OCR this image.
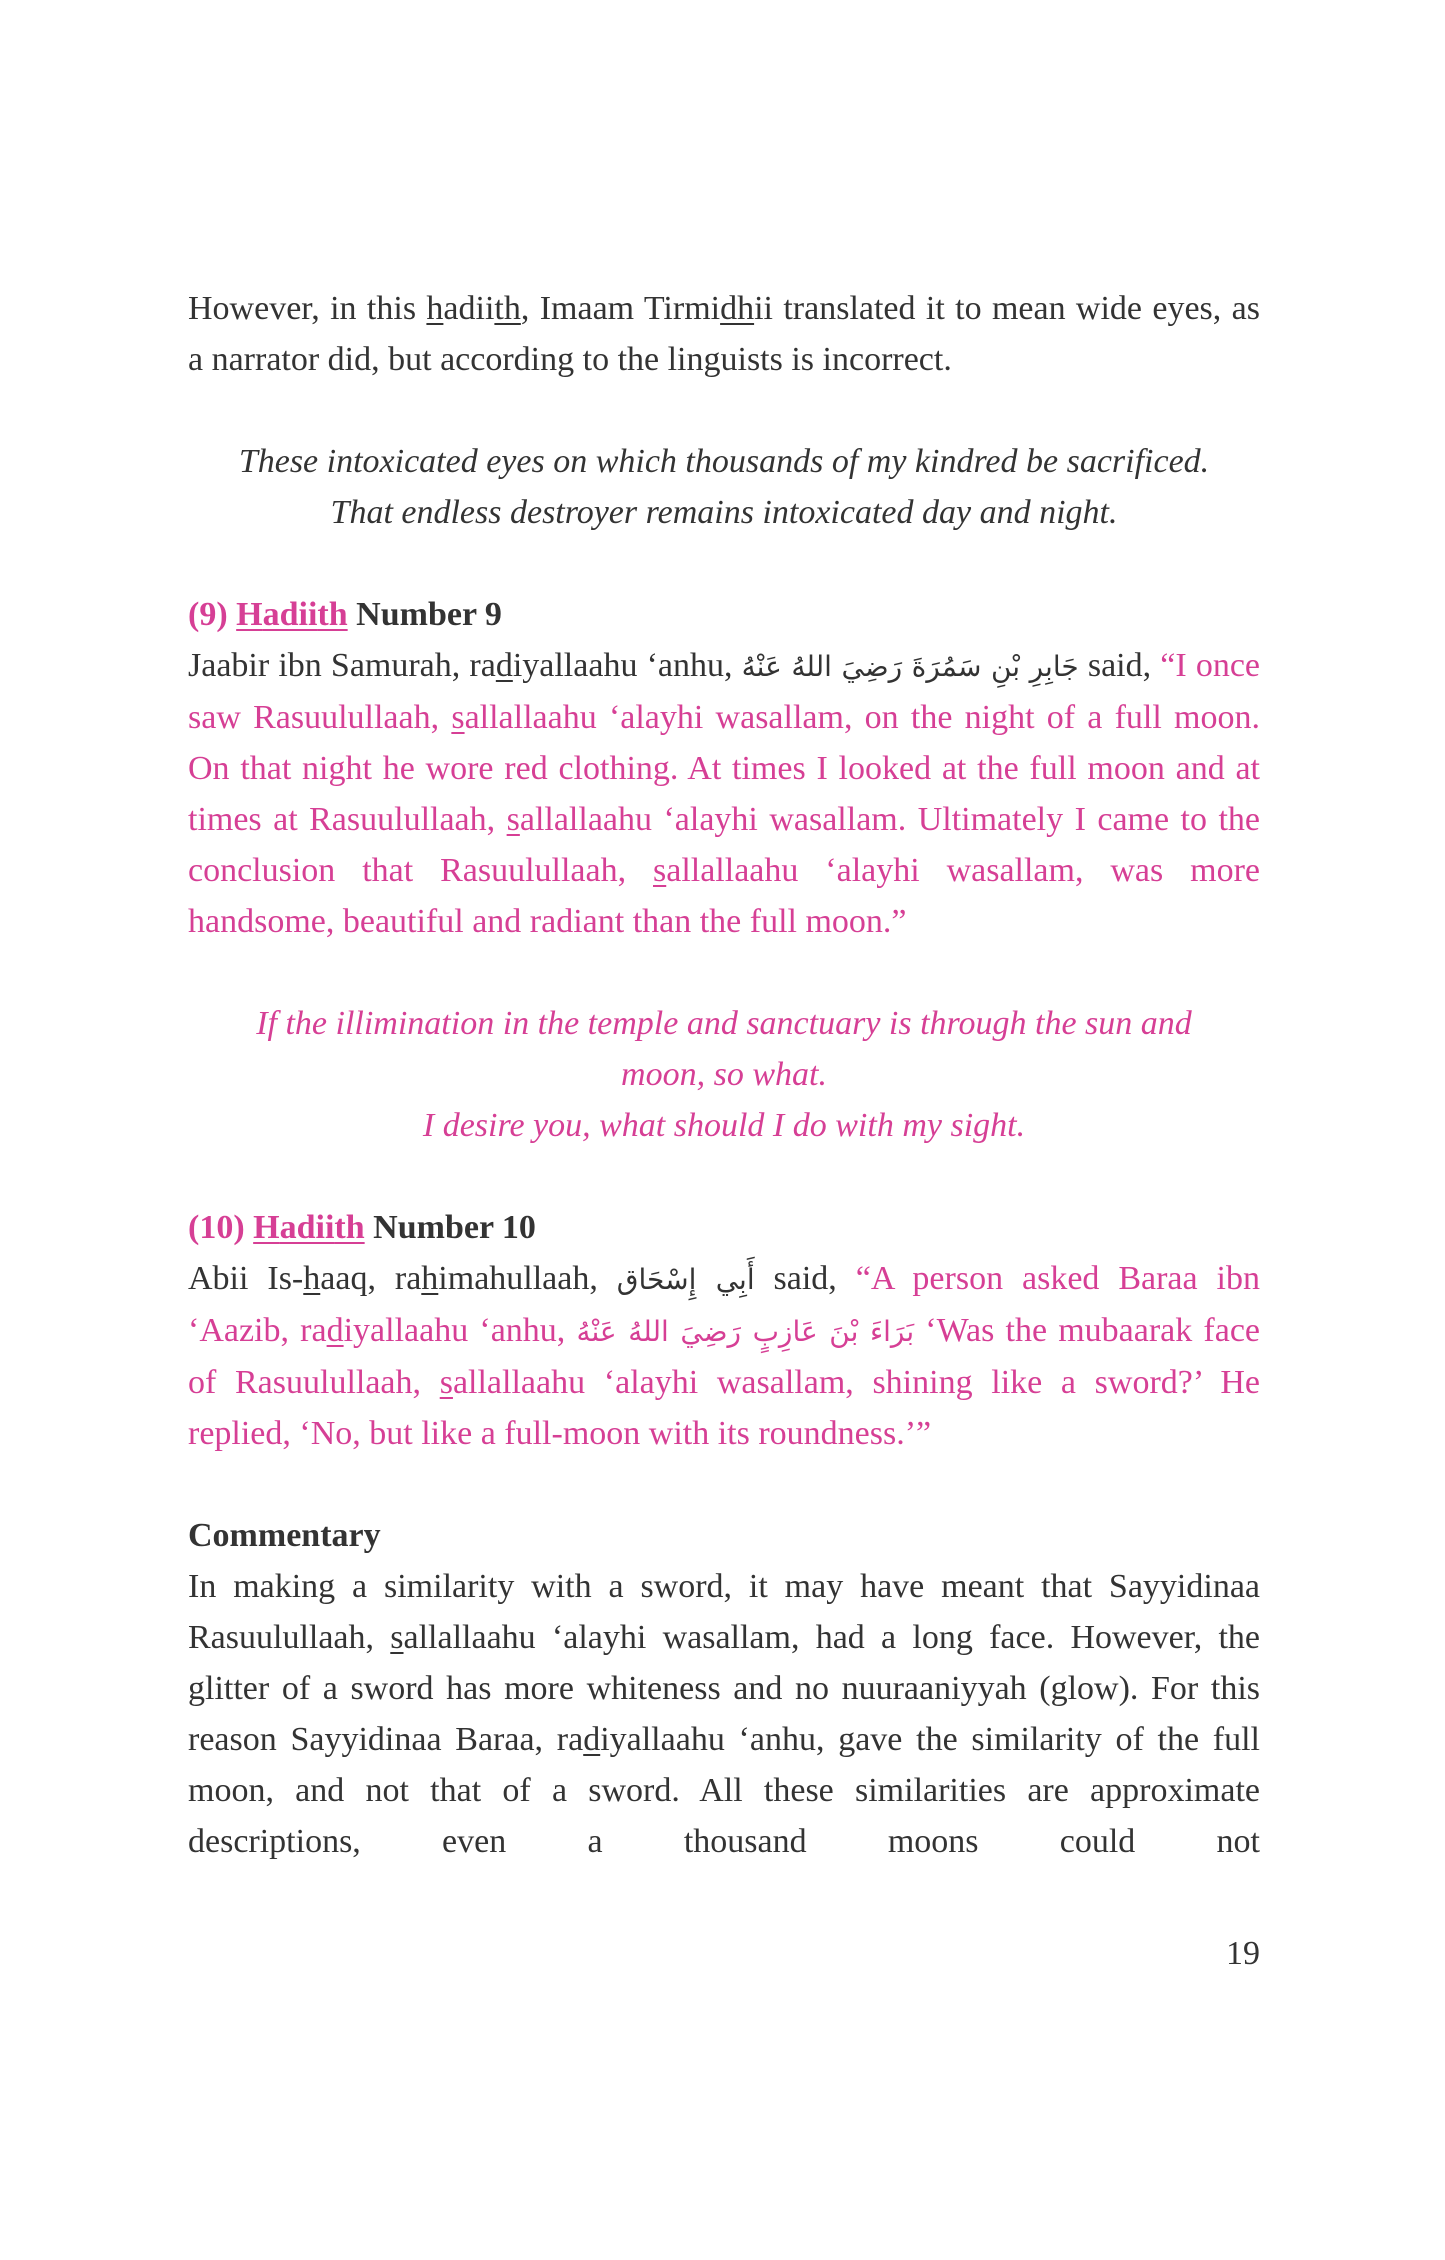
However, in this hadiith, Imaam Tirmidhii translated it to mean wide eyes, as a narrator did, but according to the linguists is incorrect.

These intoxicated eyes on which thousands of my kindred be sacrificed.

That endless destroyer remains intoxicated day and night.

(9) Hadiith Number 9

Jaabir ibn Samurah, radiyallaahu ‘anhu, جَابِرِ بْنِ سَمُرَةَ رَضِيَ اللهُ عَنْهُ said, “I once saw Rasuulullaah, sallallaahu ‘alayhi wasallam, on the night of a full moon. On that night he wore red clothing. At times I looked at the full moon and at times at Rasuulullaah, sallallaahu ‘alayhi wasallam. Ultimately I came to the conclusion that Rasuulullaah, sallallaahu ‘alayhi wasallam, was more handsome, beautiful and radiant than the full moon.”

If the illimination in the temple and sanctuary is through the sun and

moon, so what.

I desire you, what should I do with my sight.

(10) Hadiith Number 10

Abii Is-haaq, rahimahullaah, أَبِي إِسْحَاق said, “A person asked Baraa ibn ‘Aazib, radiyallaahu ‘anhu, بَرَاءَ بْنَ عَازِبٍ رَضِيَ اللهُ عَنْهُ ‘Was the mubaarak face of Rasuulullaah, sallallaahu ‘alayhi wasallam, shining like a sword?’ He replied, ‘No, but like a full-moon with its roundness.’”

Commentary

In making a similarity with a sword, it may have meant that Sayyidinaa Rasuulullaah, sallallaahu ‘alayhi wasallam, had a long face. However, the glitter of a sword has more whiteness and no nuuraaniyyah (glow). For this reason Sayyidinaa Baraa, radiyallaahu ‘anhu, gave the similarity of the full moon, and not that of a sword. All these similarities are approximate descriptions, even a thousand moons could not

19
